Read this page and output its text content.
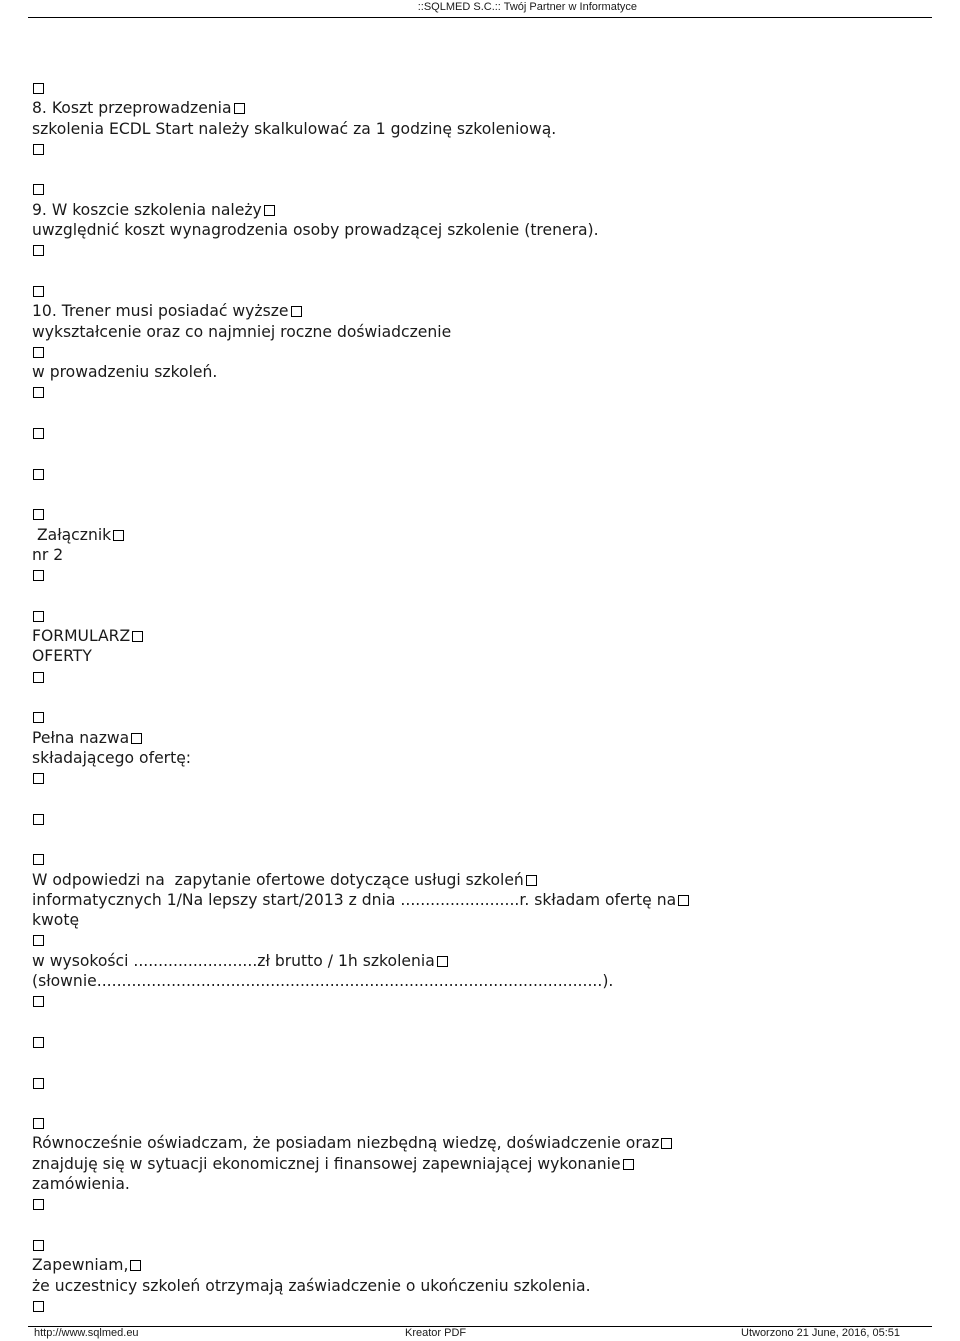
::SQLMED S.C.:: Twój Partner w Informatyce
8. Koszt przeprowadzenia
szkolenia ECDL Start należy skalkulować za 1 godzinę szkoleniową.
9. W koszcie szkolenia należy
uwzględnić koszt wynagrodzenia osoby prowadzącej szkolenie (trenera).
10. Trener musi posiadać wyższe
wykształcenie oraz co najmniej roczne doświadczenie
w prowadzeniu szkoleń.
Załącznik
nr 2
FORMULARZ
OFERTY
Pełna nazwa
składającego ofertę:
W odpowiedzi na  zapytanie ofertowe dotyczące usługi szkoleń
informatycznych 1/Na lepszy start/2013 z dnia ........................r. składam ofertę na
kwotę
w wysokości .........................zł brutto / 1h szkolenia
(słownie......................................................................................................).
Równocześnie oświadczam, że posiadam niezbędną wiedzę, doświadczenie oraz
znajduję się w sytuacji ekonomicznej i finansowej zapewniającej wykonanie
zamówienia.
Zapewniam,
że uczestnicy szkoleń otrzymają zaświadczenie o ukończeniu szkolenia.
http://www.sqlmed.eu	Kreator PDF	Utworzono 21 June, 2016, 05:51
